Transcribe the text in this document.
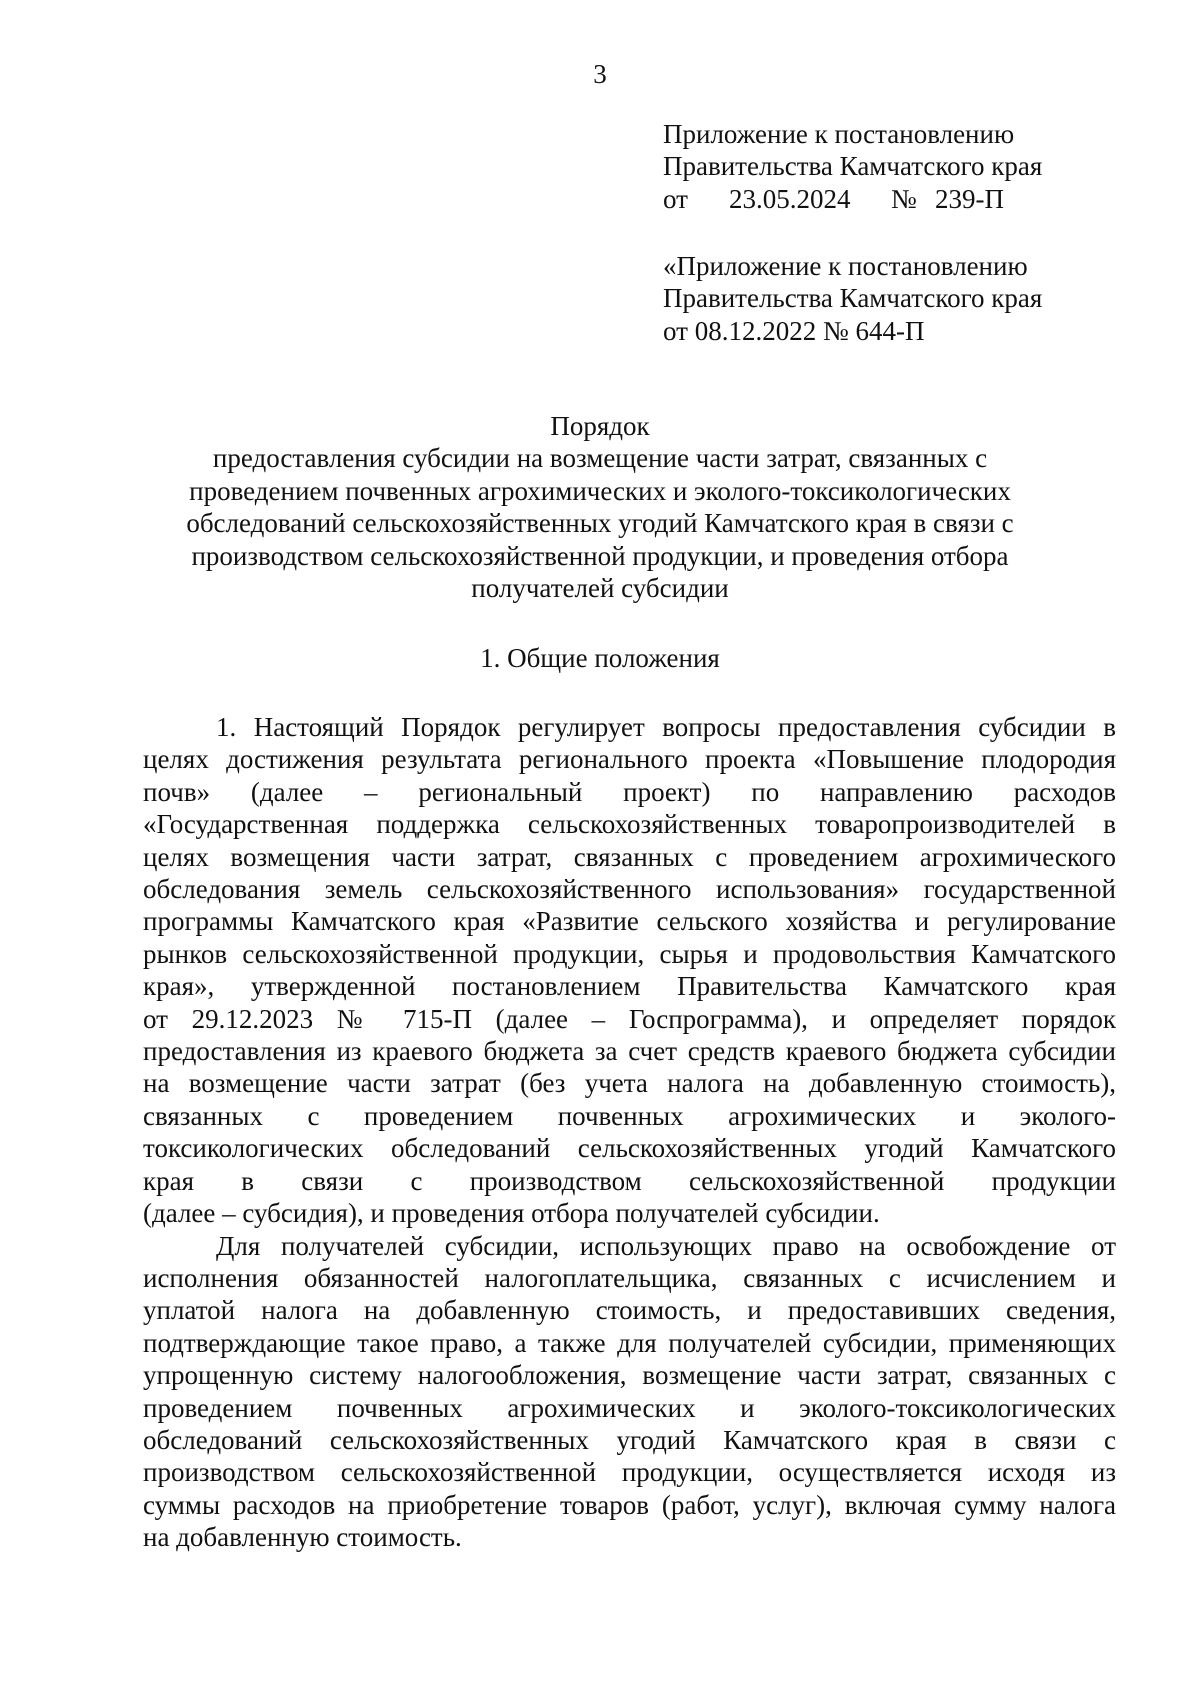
3
Приложение к постановлению
Правительства Камчатского края
от 23.05.2024 № 239-П
«Приложение к постановлению
Правительства Камчатского края
от 08.12.2022 № 644-П
Порядок
предоставления субсидии на возмещение части затрат, связанных с
проведением почвенных агрохимических и эколого-токсикологических
обследований сельскохозяйственных угодий Камчатского края в связи с
производством сельскохозяйственной продукции, и проведения отбора
получателей субсидии
1. Общие положения
1. Настоящий Порядок регулирует вопросы предоставления субсидии в
целях достижения результата регионального проекта «Повышение плодородия
почв» (далее – региональный проект) по направлению расходов
«Государственная поддержка сельскохозяйственных товаропроизводителей в
целях возмещения части затрат, связанных с проведением агрохимического
обследования земель сельскохозяйственного использования» государственной
программы Камчатского края «Развитие сельского хозяйства и регулирование
рынков сельскохозяйственной продукции, сырья и продовольствия Камчатского
края», утвержденной постановлением Правительства Камчатского края
от 29.12.2023 № 715-П (далее – Госпрограмма), и определяет порядок
предоставления из краевого бюджета за счет средств краевого бюджета субсидии
на возмещение части затрат (без учета налога на добавленную стоимость),
связанных с проведением почвенных агрохимических и эколого-
токсикологических обследований сельскохозяйственных угодий Камчатского
края в связи с производством сельскохозяйственной продукции
(далее – субсидия), и проведения отбора получателей субсидии.
Для получателей субсидии, использующих право на освобождение от
исполнения обязанностей налогоплательщика, связанных с исчислением и
уплатой налога на добавленную стоимость, и предоставивших сведения,
подтверждающие такое право, а также для получателей субсидии, применяющих
упрощенную систему налогообложения, возмещение части затрат, связанных с
проведением почвенных агрохимических и эколого-токсикологических
обследований сельскохозяйственных угодий Камчатского края в связи с
производством сельскохозяйственной продукции, осуществляется исходя из
суммы расходов на приобретение товаров (работ, услуг), включая сумму налога
на добавленную стоимость.
